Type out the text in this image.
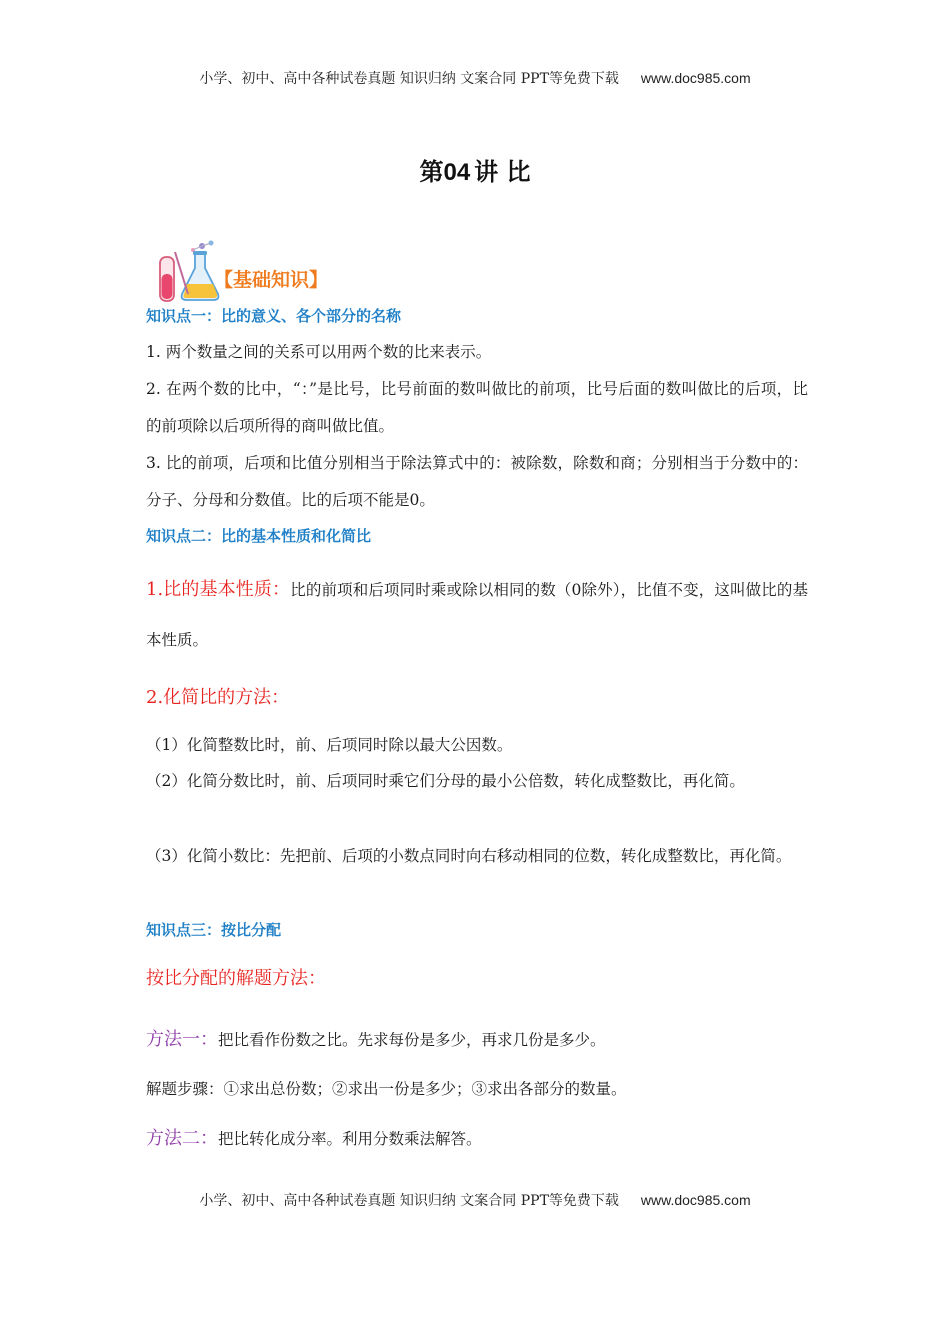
小学、初中、高中各种试卷真题 知识归纳 文案合同 PPT等免费下载 www.doc985.com
第04 讲 比
【基础知识】
知识点一：比的意义、各个部分的名称

1. 两个数量之间的关系可以用两个数的比来表示。

2. 在两个数的比中，“：”是比号，比号前面的数叫做比的前项，比号后面的数叫做比的后项，比的前项除以后项所得的商叫做比值。

3. 比的前项，后项和比值分别相当于除法算式中的：被除数，除数和商；分别相当于分数中的：分子、分母和分数值。比的后项不能是0。

知识点二：比的基本性质和化简比

1.比的基本性质：比的前项和后项同时乘或除以相同的数（0除外），比值不变，这叫做比的基本性质。

2.化简比的方法：

（1）化简整数比时，前、后项同时除以最大公因数。

（2）化简分数比时，前、后项同时乘它们分母的最小公倍数，转化成整数比，再化简。

（3）化简小数比：先把前、后项的小数点同时向右移动相同的位数，转化成整数比，再化简。

知识点三：按比分配
按比分配的解题方法：

方法一：把比看作份数之比。先求每份是多少，再求几份是多少。

解题步骤：①求出总份数；②求出一份是多少；③求出各部分的数量。

方法二：把比转化成分率。利用分数乘法解答。

小学、初中、高中各种试卷真题 知识归纳 文案合同 PPT等免费下载 www.doc985.com
